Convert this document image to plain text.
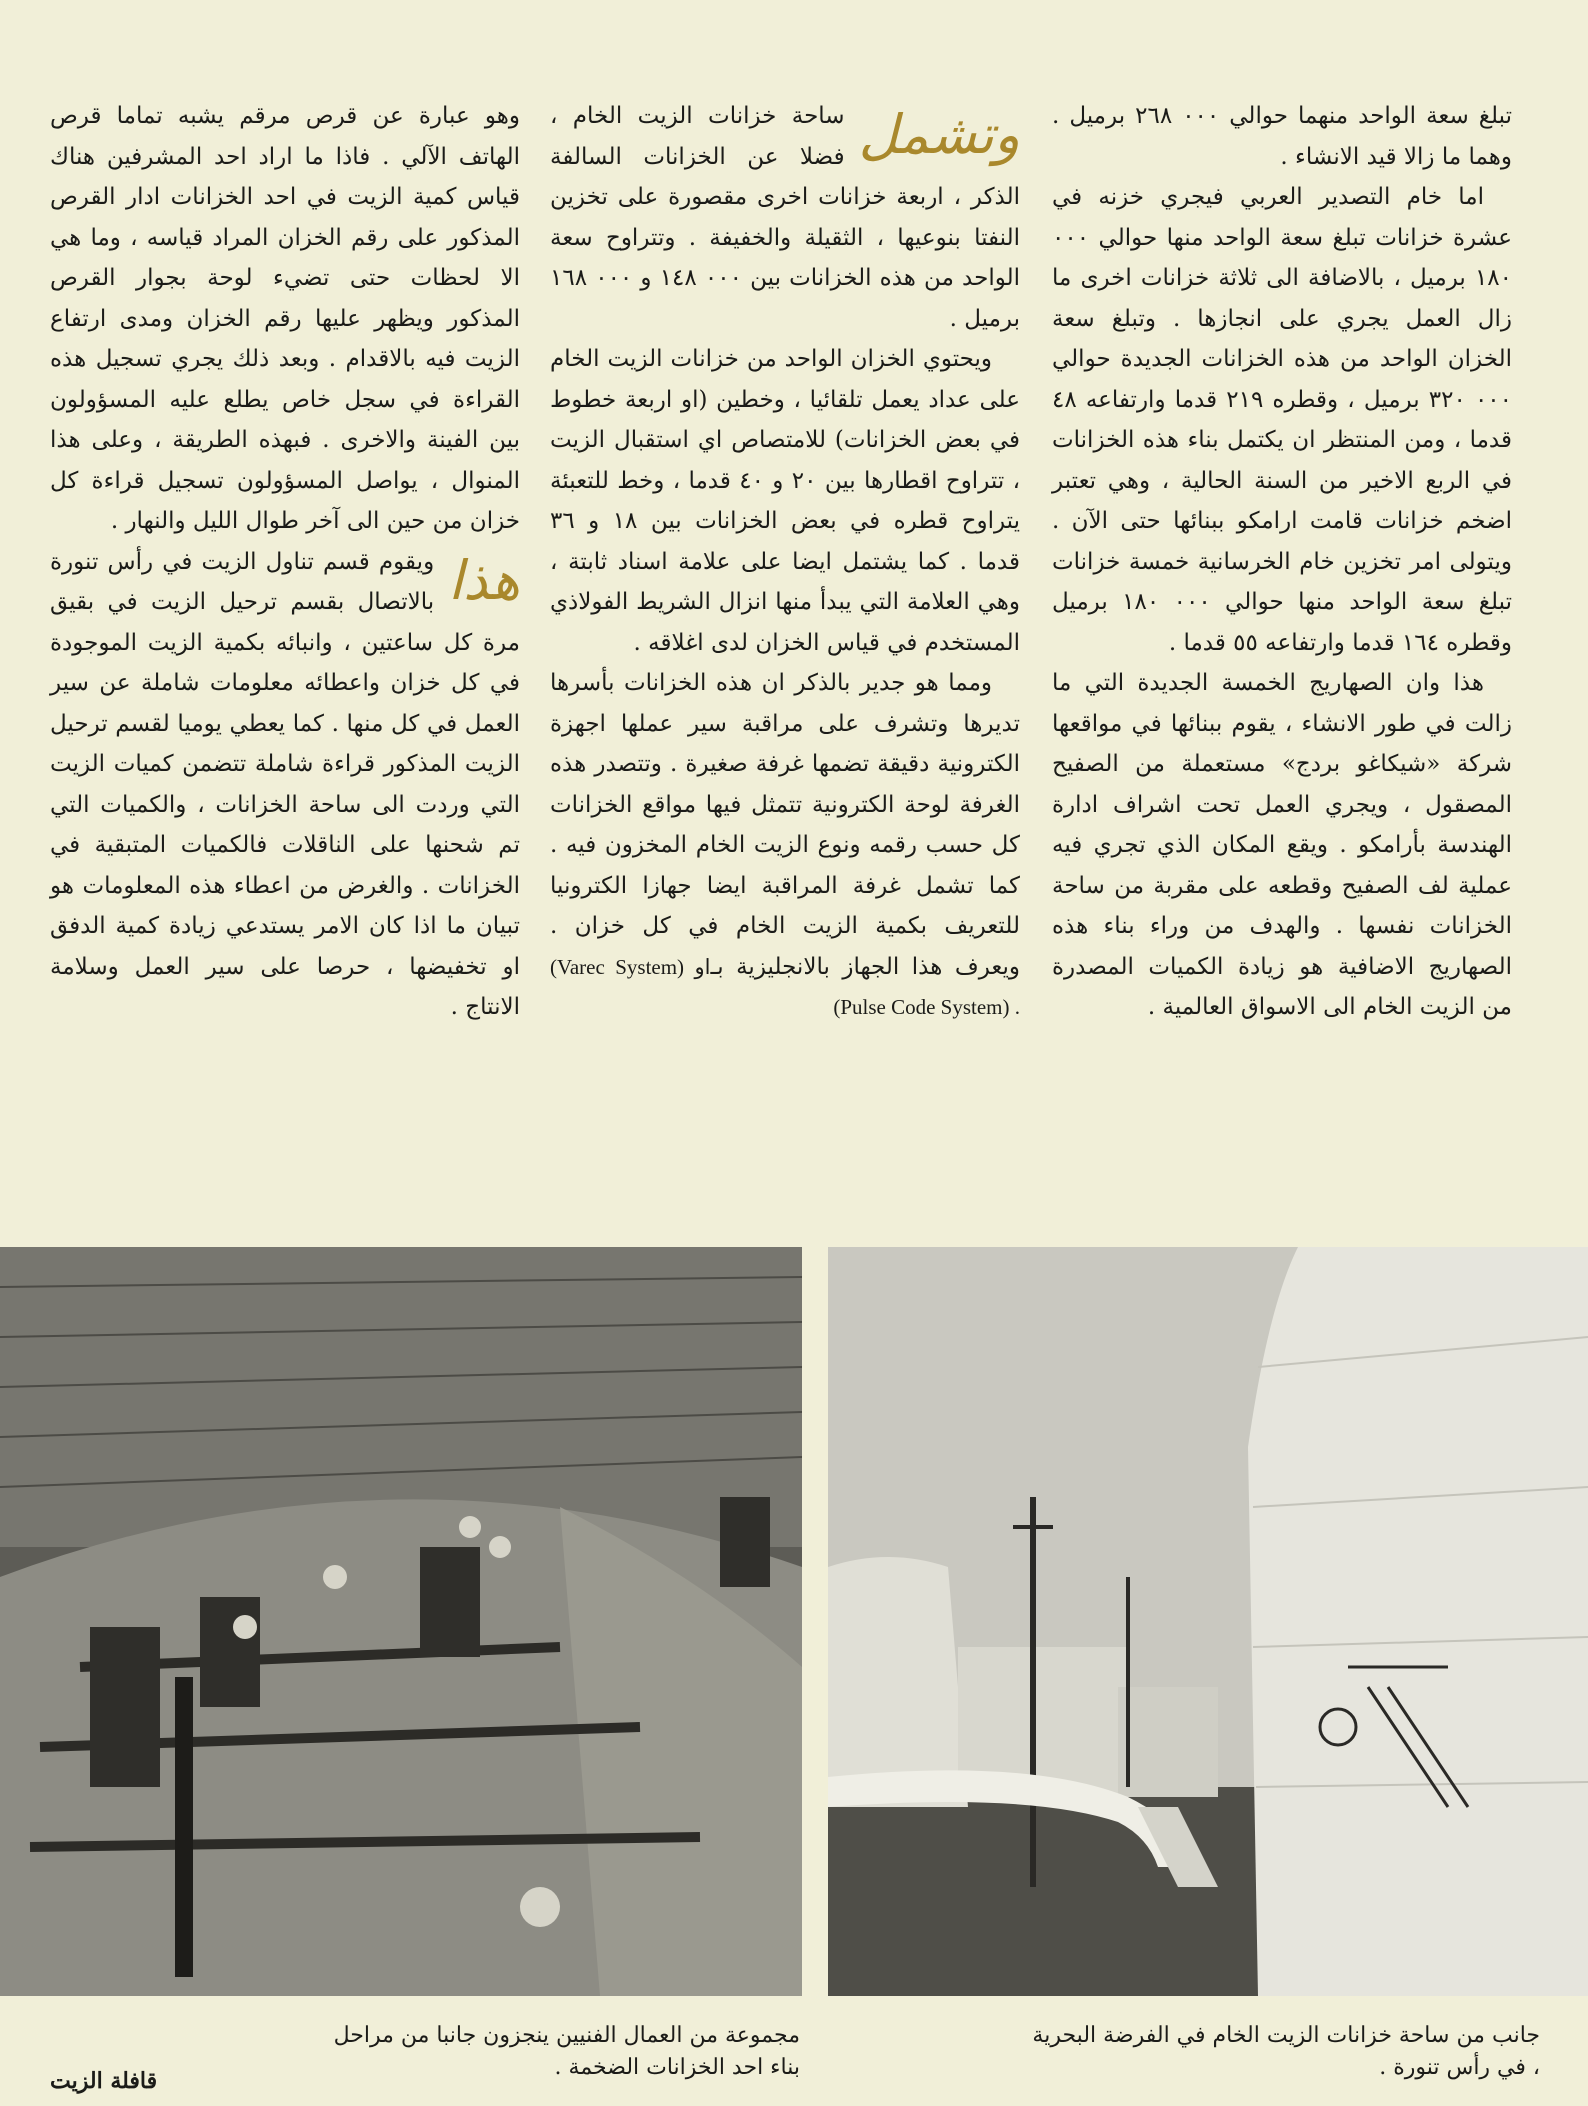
تبلغ سعة الواحد منهما حوالي ٠٠٠ ٢٦٨ برميل . وهما ما زالا قيد الانشاء .

اما خام التصدير العربي فيجري خزنه في عشرة خزانات تبلغ سعة الواحد منها حوالي ٠٠٠ ١٨٠ برميل ، بالاضافة الى ثلاثة خزانات اخرى ما زال العمل يجري على انجازها . وتبلغ سعة الخزان الواحد من هذه الخزانات الجديدة حوالي ٠٠٠ ٣٢٠ برميل ، وقطره ٢١٩ قدما وارتفاعه ٤٨ قدما ، ومن المنتظر ان يكتمل بناء هذه الخزانات في الربع الاخير من السنة الحالية ، وهي تعتبر اضخم خزانات قامت ارامكو ببنائها حتى الآن . ويتولى امر تخزين خام الخرسانية خمسة خزانات تبلغ سعة الواحد منها حوالي ٠٠٠ ١٨٠ برميل وقطره ١٦٤ قدما وارتفاعه ٥٥ قدما .

هذا وان الصهاريج الخمسة الجديدة التي ما زالت في طور الانشاء ، يقوم ببنائها في مواقعها شركة «شيكاغو بردج» مستعملة من الصفيح المصقول ، ويجري العمل تحت اشراف ادارة الهندسة بأرامكو . ويقع المكان الذي تجري فيه عملية لف الصفيح وقطعه على مقربة من ساحة الخزانات نفسها . والهدف من وراء بناء هذه الصهاريج الاضافية هو زيادة الكميات المصدرة من الزيت الخام الى الاسواق العالمية .

وتشمل

ساحة خزانات الزيت الخام ، فضلا عن الخزانات السالفة الذكر ، اربعة خزانات اخرى مقصورة على تخزين النفتا بنوعيها ، الثقيلة والخفيفة . وتتراوح سعة الواحد من هذه الخزانات بين ٠٠٠ ١٤٨ و ٠٠٠ ١٦٨ برميل .

ويحتوي الخزان الواحد من خزانات الزيت الخام على عداد يعمل تلقائيا ، وخطين (او اربعة خطوط في بعض الخزانات) للامتصاص اي استقبال الزيت ، تتراوح اقطارها بين ٢٠ و ٤٠ قدما ، وخط للتعبئة يتراوح قطره في بعض الخزانات بين ١٨ و ٣٦ قدما . كما يشتمل ايضا على علامة اسناد ثابتة ، وهي العلامة التي يبدأ منها انزال الشريط الفولاذي المستخدم في قياس الخزان لدى اغلاقه .

ومما هو جدير بالذكر ان هذه الخزانات بأسرها تديرها وتشرف على مراقبة سير عملها اجهزة الكترونية دقيقة تضمها غرفة صغيرة . وتتصدر هذه الغرفة لوحة الكترونية تتمثل فيها مواقع الخزانات كل حسب رقمه ونوع الزيت الخام المخزون فيه . كما تشمل غرفة المراقبة ايضا جهازا الكترونيا للتعريف بكمية الزيت الخام في كل خزان . ويعرف هذا الجهاز بالانجليزية بـ(Varec System) او (Pulse Code System) .

وهو عبارة عن قرص مرقم يشبه تماما قرص الهاتف الآلي . فاذا ما اراد احد المشرفين هناك قياس كمية الزيت في احد الخزانات ادار القرص المذكور على رقم الخزان المراد قياسه ، وما هي الا لحظات حتى تضيء لوحة بجوار القرص المذكور ويظهر عليها رقم الخزان ومدى ارتفاع الزيت فيه بالاقدام . وبعد ذلك يجري تسجيل هذه القراءة في سجل خاص يطلع عليه المسؤولون بين الفينة والاخرى . فبهذه الطريقة ، وعلى هذا المنوال ، يواصل المسؤولون تسجيل قراءة كل خزان من حين الى آخر طوال الليل والنهار .

هذا

ويقوم قسم تناول الزيت في رأس تنورة بالاتصال بقسم ترحيل الزيت في بقيق مرة كل ساعتين ، وانبائه بكمية الزيت الموجودة في كل خزان واعطائه معلومات شاملة عن سير العمل في كل منها . كما يعطي يوميا لقسم ترحيل الزيت المذكور قراءة شاملة تتضمن كميات الزيت التي وردت الى ساحة الخزانات ، والكميات التي تم شحنها على الناقلات فالكميات المتبقية في الخزانات . والغرض من اعطاء هذه المعلومات هو تبيان ما اذا كان الامر يستدعي زيادة كمية الدفق او تخفيضها ، حرصا على سير العمل وسلامة الانتاج .

جانب من ساحة خزانات الزيت الخام في الفرضة البحرية ، في رأس تنورة .
مجموعة من العمال الفنيين ينجزون جانبا من مراحل بناء احد الخزانات الضخمة .
قافلة الزيت
